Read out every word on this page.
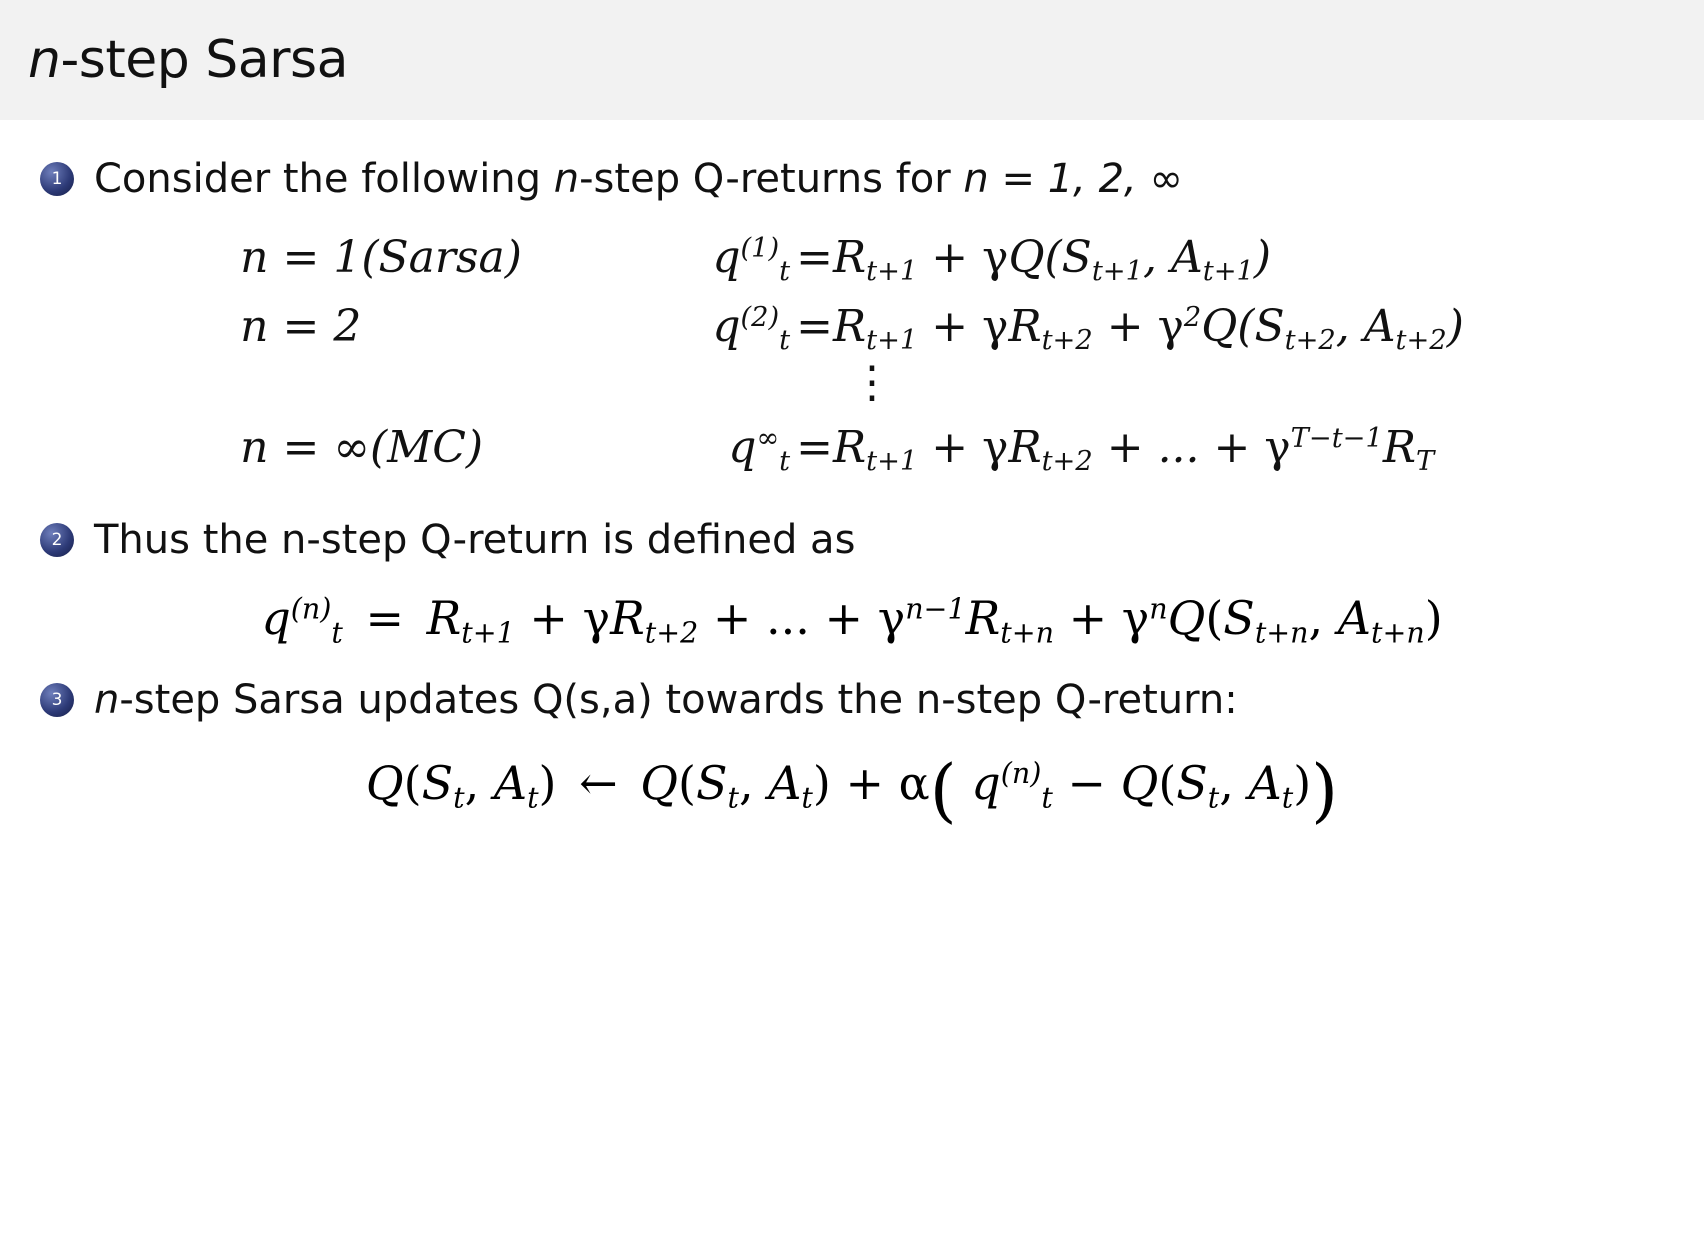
n-step Sarsa
1 Consider the following n-step Q-returns for n = 1, 2, ∞
n = 1(Sarsa)	$q^{(1)}_t =R_{t+1} + \gamma Q(S_{t+1}$, $A_{t+1}$)
n = 2	$q^{(2)}_t =R_{t+1} + \gamma R_{t+2} + \gamma^2Q(S_{t+2}$, $A_{t+2}$)
⋮
n = ∞(MC)	$q^\infty_t =R_{t+1} + \gamma R_{t+2}$ + ... + $\gamma^{T-t-1}R_T$
2 Thus the n-step Q-return is defined as
$q^{(n)}_t = R_{t+1} + \gamma R_{t+2}$ + ... + $\gamma^{n-1}R_{t+n} + \gamma^nQ(S_{t+n}$, $A_{t+n}$)
3 n-step Sarsa updates Q(s,a) towards the n-step Q-return:
$Q(S_t$, $A_t$) ← $Q(S_t$, $A_t) + \alpha$( $q^{(n)}_t - Q(S_t$, $A_t$))
